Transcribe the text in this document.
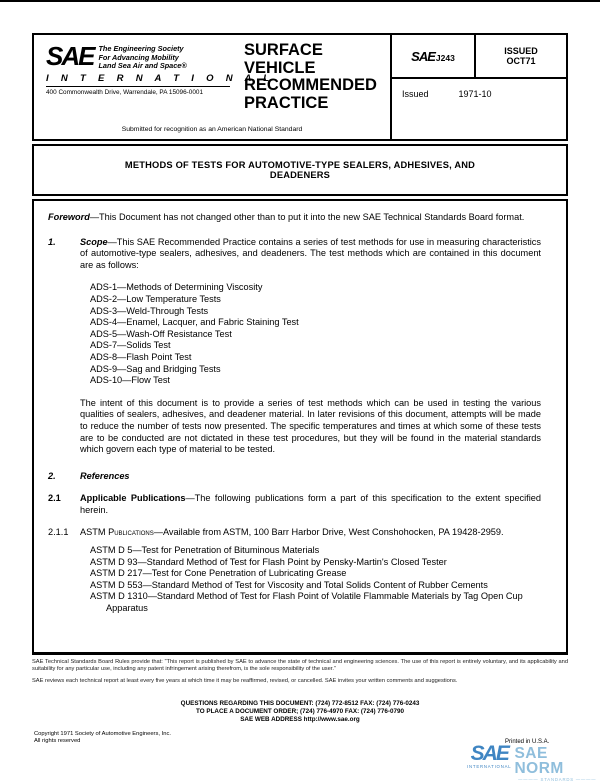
SAE The Engineering Society
For Advancing Mobility
Land Sea Air and Space®
I N T E R N A T I O N A L
400 Commonwealth Drive, Warrendale, PA 15096-0001
SURFACE
VEHICLE
RECOMMENDED
PRACTICE
Submitted for recognition as an American National Standard
SAE J243
ISSUED
OCT71
Issued	1971-10
METHODS OF TESTS FOR AUTOMOTIVE-TYPE SEALERS, ADHESIVES, AND DEADENERS
Foreword—This Document has not changed other than to put it into the new SAE Technical Standards Board format.
1.	Scope—This SAE Recommended Practice contains a series of test methods for use in measuring characteristics of automotive-type sealers, adhesives, and deadeners. The test methods which are contained in this document are as follows:
ADS-1—Methods of Determining Viscosity
ADS-2—Low Temperature Tests
ADS-3—Weld-Through Tests
ADS-4—Enamel, Lacquer, and Fabric Staining Test
ADS-5—Wash-Off Resistance Test
ADS-7—Solids Test
ADS-8—Flash Point Test
ADS-9—Sag and Bridging Tests
ADS-10—Flow Test
The intent of this document is to provide a series of test methods which can be used in testing the various qualities of sealers, adhesives, and deadener material. In later revisions of this document, attempts will be made to reduce the number of tests now presented. The specific temperatures and times at which some of these tests are to be conducted are not dictated in these test procedures, but they will be found in the material standards which govern each type of material to be tested.
2.	References
2.1	Applicable Publications—The following publications form a part of this specification to the extent specified herein.
2.1.1	ASTM Publications—Available from ASTM, 100 Barr Harbor Drive, West Conshohocken, PA 19428-2959.
ASTM D 5—Test for Penetration of Bituminous Materials
ASTM D 93—Standard Method of Test for Flash Point by Pensky-Martin's Closed Tester
ASTM D 217—Test for Cone Penetration of Lubricating Grease
ASTM D 553—Standard Method of Test for Viscosity and Total Solids Content of Rubber Cements
ASTM D 1310—Standard Method of Test for Flash Point of Volatile Flammable Materials by Tag Open Cup Apparatus
SAE Technical Standards Board Rules provide that: “This report is published by SAE to advance the state of technical and engineering sciences. The use of this report is entirely voluntary, and its applicability and suitability for any particular use, including any patent infringement arising therefrom, is the sole responsibility of the user.”
SAE reviews each technical report at least every five years at which time it may be reaffirmed, revised, or cancelled. SAE invites your written comments and suggestions.
QUESTIONS REGARDING THIS DOCUMENT: (724) 772-8512 FAX: (724) 776-0243
TO PLACE A DOCUMENT ORDER; (724) 776-4970 FAX: (724) 776-0790
SAE WEB ADDRESS http://www.sae.org
Copyright 1971 Society of Automotive Engineers, Inc.
All rights reserved	Printed in U.S.A.
SAE
INTERNATIONAL
SAE NORM
———— STANDARDS ————
